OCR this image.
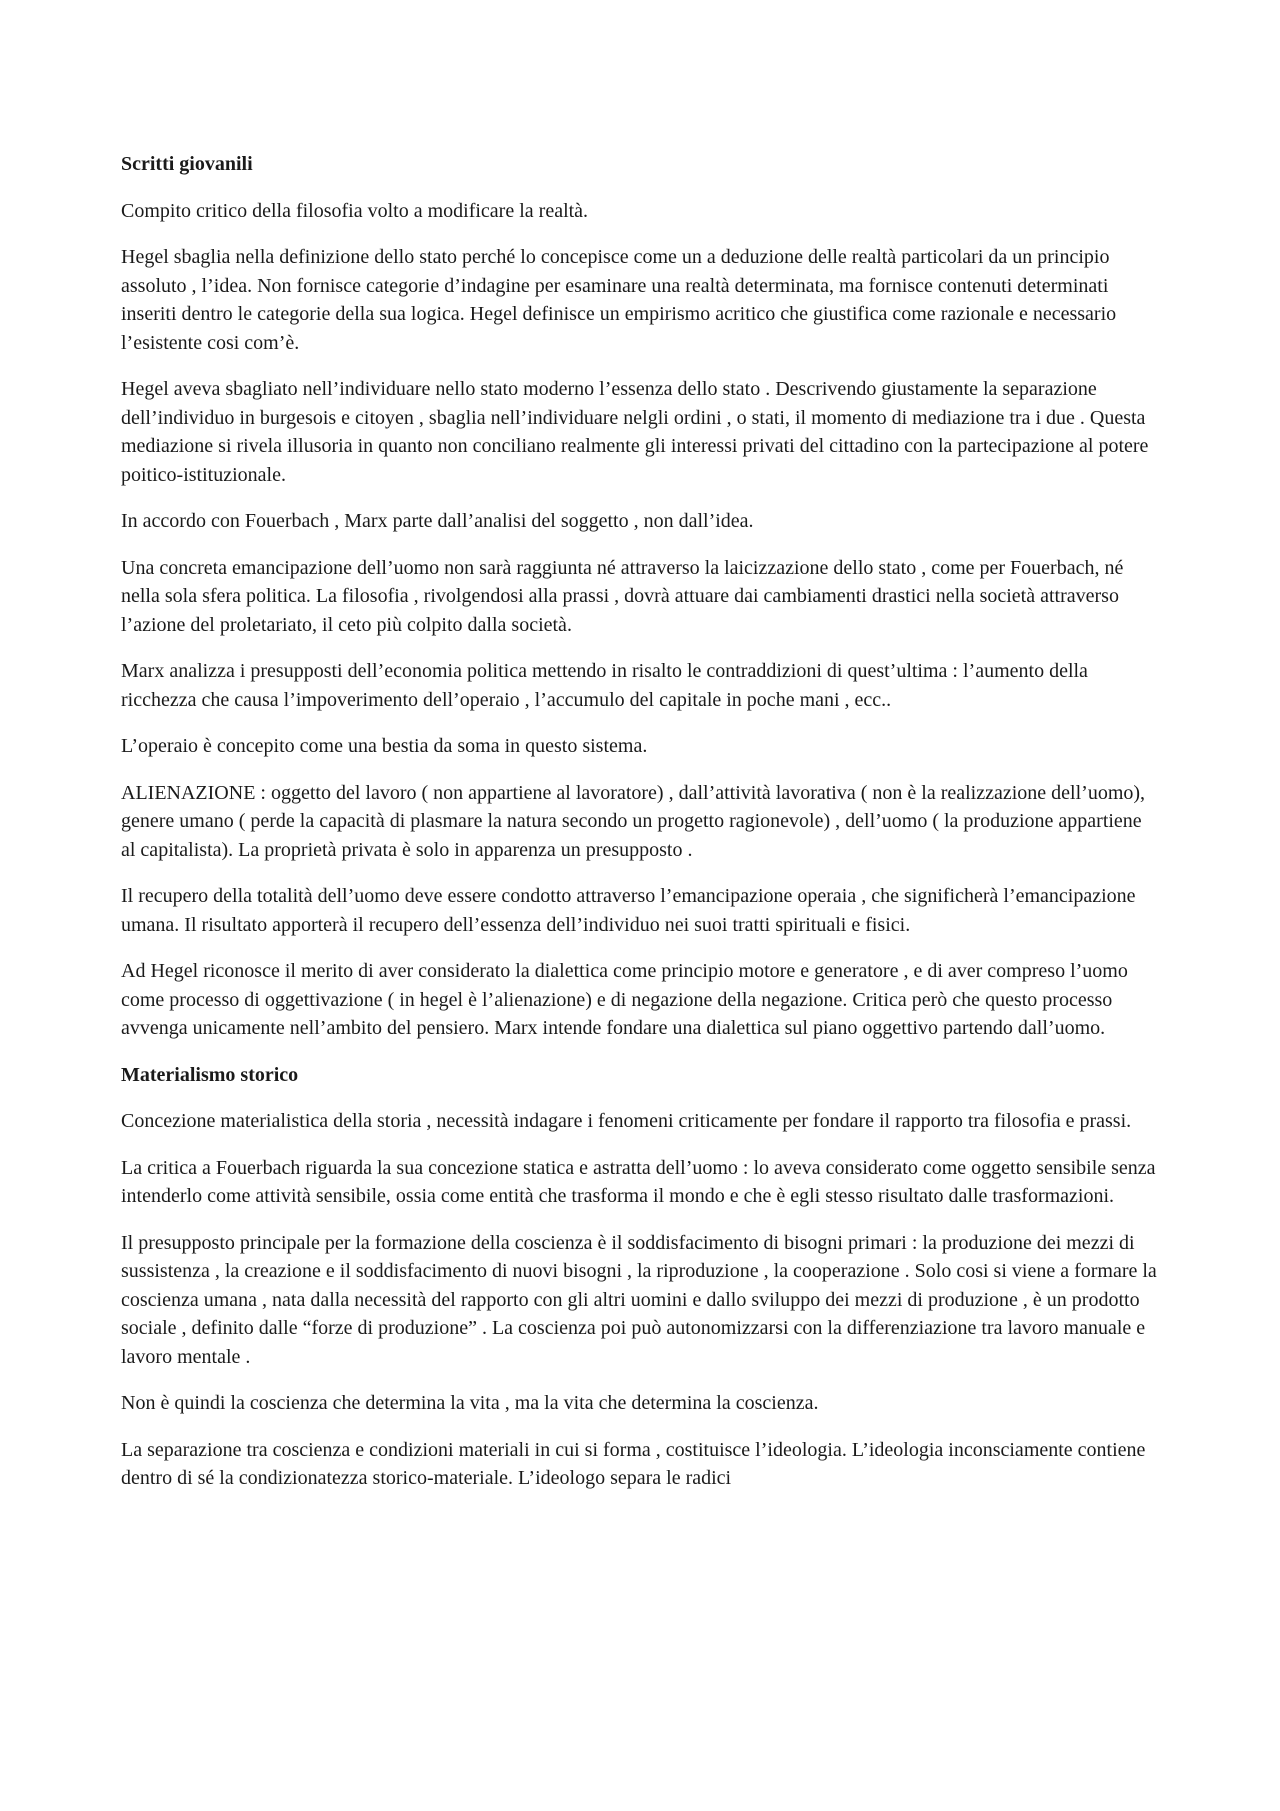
Scritti giovanili

Compito critico della filosofia volto a modificare la realtà.

Hegel sbaglia nella definizione dello stato perché lo concepisce come un a deduzione delle realtà particolari da un principio assoluto , l’idea. Non fornisce categorie d’indagine per esaminare una realtà determinata, ma fornisce contenuti determinati inseriti dentro le categorie della sua logica. Hegel definisce un empirismo acritico che giustifica come razionale e necessario l’esistente cosi com’è.

Hegel aveva sbagliato nell’individuare nello stato moderno l’essenza dello stato . Descrivendo giustamente la separazione dell’individuo in burgesois e citoyen , sbaglia nell’individuare nelgli ordini , o stati, il momento di mediazione tra i due . Questa mediazione si rivela illusoria in quanto non conciliano realmente gli interessi privati del cittadino con la partecipazione al potere poitico-istituzionale.

In accordo con Fouerbach , Marx parte dall’analisi del soggetto , non dall’idea.

Una concreta emancipazione dell’uomo non sarà raggiunta né attraverso la laicizzazione dello stato , come per Fouerbach, né nella sola sfera politica. La filosofia , rivolgendosi alla prassi , dovrà attuare dai cambiamenti drastici nella società attraverso l’azione del proletariato, il ceto più colpito dalla società.

Marx analizza i presupposti dell’economia politica mettendo in risalto le contraddizioni di quest’ultima : l’aumento della ricchezza che causa l’impoverimento dell’operaio , l’accumulo del capitale in poche mani , ecc..

L’operaio è concepito come una bestia da soma in questo sistema.

ALIENAZIONE : oggetto del lavoro ( non appartiene al lavoratore) , dall’attività lavorativa ( non è la realizzazione dell’uomo), genere umano ( perde la capacità di plasmare la natura secondo un progetto ragionevole) , dell’uomo ( la produzione appartiene al capitalista). La proprietà privata è solo in apparenza un presupposto .

Il recupero della totalità dell’uomo deve essere condotto attraverso l’emancipazione operaia , che significherà l’emancipazione umana. Il risultato apporterà il recupero dell’essenza dell’individuo nei suoi tratti spirituali e fisici.

Ad Hegel riconosce il merito di aver considerato la dialettica come principio motore e generatore , e di aver compreso l’uomo come processo di oggettivazione ( in hegel è l’alienazione) e di negazione della negazione. Critica però che questo processo avvenga unicamente nell’ambito del pensiero. Marx intende fondare una dialettica sul piano oggettivo partendo dall’uomo.

Materialismo storico

Concezione materialistica della storia , necessità indagare i fenomeni criticamente per fondare il rapporto tra filosofia e prassi.

La critica a Fouerbach riguarda la sua concezione statica e astratta dell’uomo : lo aveva considerato come oggetto sensibile senza intenderlo come attività sensibile, ossia come entità che trasforma il mondo e che è egli stesso risultato dalle trasformazioni.

Il presupposto principale per la formazione della coscienza è il soddisfacimento di bisogni primari : la produzione dei mezzi di sussistenza , la creazione e il soddisfacimento di nuovi bisogni , la riproduzione , la cooperazione . Solo cosi si viene a formare la coscienza umana , nata dalla necessità del rapporto con gli altri uomini e dallo sviluppo dei mezzi di produzione , è un prodotto sociale , definito dalle “forze di produzione” . La coscienza poi può autonomizzarsi con la differenziazione tra lavoro manuale e lavoro mentale .

Non è quindi la coscienza che determina la vita , ma la vita che determina la coscienza.

La separazione tra coscienza e condizioni materiali in cui si forma , costituisce l’ideologia. L’ideologia inconsciamente contiene dentro di sé la condizionatezza storico-materiale. L’ideologo separa le radici
